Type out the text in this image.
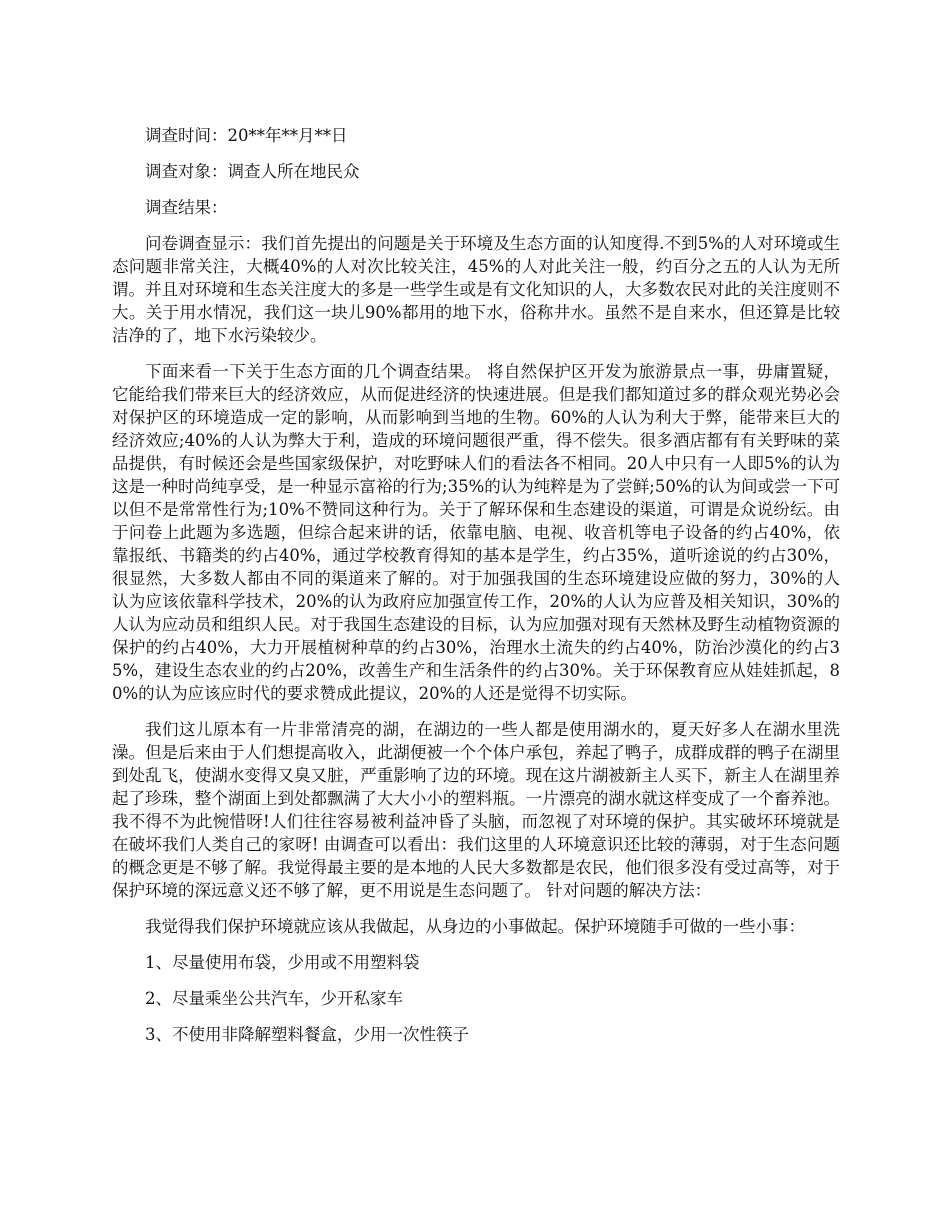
调查时间：20**年**月**日

调查对象：调查人所在地民众

调查结果：

问卷调查显示：我们首先提出的问题是关于环境及生态方面的认知度得.不到5%的人对环境或生态问题非常关注，大概40%的人对次比较关注，45%的人对此关注一般，约百分之五的人认为无所谓。并且对环境和生态关注度大的多是一些学生或是有文化知识的人，大多数农民对此的关注度则不大。关于用水情况，我们这一块儿90%都用的地下水，俗称井水。虽然不是自来水，但还算是比较洁净的了，地下水污染较少。

下面来看一下关于生态方面的几个调查结果。 将自然保护区开发为旅游景点一事，毋庸置疑，它能给我们带来巨大的经济效应，从而促进经济的快速进展。但是我们都知道过多的群众观光势必会对保护区的环境造成一定的影响，从而影响到当地的生物。60%的人认为利大于弊，能带来巨大的经济效应;40%的人认为弊大于利，造成的环境问题很严重，得不偿失。很多酒店都有有关野味的菜品提供，有时候还会是些国家级保护，对吃野味人们的看法各不相同。20人中只有一人即5%的认为这是一种时尚纯享受，是一种显示富裕的行为;35%的认为纯粹是为了尝鲜;50%的认为间或尝一下可以但不是常常性行为;10%不赞同这种行为。关于了解环保和生态建设的渠道，可谓是众说纷纭。由于问卷上此题为多选题，但综合起来讲的话，依靠电脑、电视、收音机等电子设备的约占40%，依靠报纸、书籍类的约占40%，通过学校教育得知的基本是学生，约占35%，道听途说的约占30%，很显然，大多数人都由不同的渠道来了解的。对于加强我国的生态环境建设应做的努力，30%的人认为应该依靠科学技术，20%的认为政府应加强宣传工作，20%的人认为应普及相关知识，30%的人认为应动员和组织人民。对于我国生态建设的目标，认为应加强对现有天然林及野生动植物资源的保护的约占40%，大力开展植树种草的约占30%，治理水土流失的约占40%，防治沙漠化的约占35%，建设生态农业的约占20%，改善生产和生活条件的约占30%。关于环保教育应从娃娃抓起，80%的认为应该应时代的要求赞成此提议，20%的人还是觉得不切实际。

我们这儿原本有一片非常清亮的湖，在湖边的一些人都是使用湖水的，夏天好多人在湖水里洗澡。但是后来由于人们想提高收入，此湖便被一个个体户承包，养起了鸭子，成群成群的鸭子在湖里到处乱飞，使湖水变得又臭又脏，严重影响了边的环境。现在这片湖被新主人买下，新主人在湖里养起了珍珠，整个湖面上到处都飘满了大大小小的塑料瓶。一片漂亮的湖水就这样变成了一个畜养池。我不得不为此惋惜呀!人们往往容易被利益冲昏了头脑，而忽视了对环境的保护。其实破坏环境就是在破坏我们人类自己的家呀! 由调查可以看出：我们这里的人环境意识还比较的薄弱，对于生态问题的概念更是不够了解。我觉得最主要的是本地的人民大多数都是农民，他们很多没有受过高等，对于保护环境的深远意义还不够了解，更不用说是生态问题了。 针对问题的解决方法：

我觉得我们保护环境就应该从我做起，从身边的小事做起。保护环境随手可做的一些小事：

1、尽量使用布袋，少用或不用塑料袋

2、尽量乘坐公共汽车，少开私家车

3、不使用非降解塑料餐盒，少用一次性筷子
